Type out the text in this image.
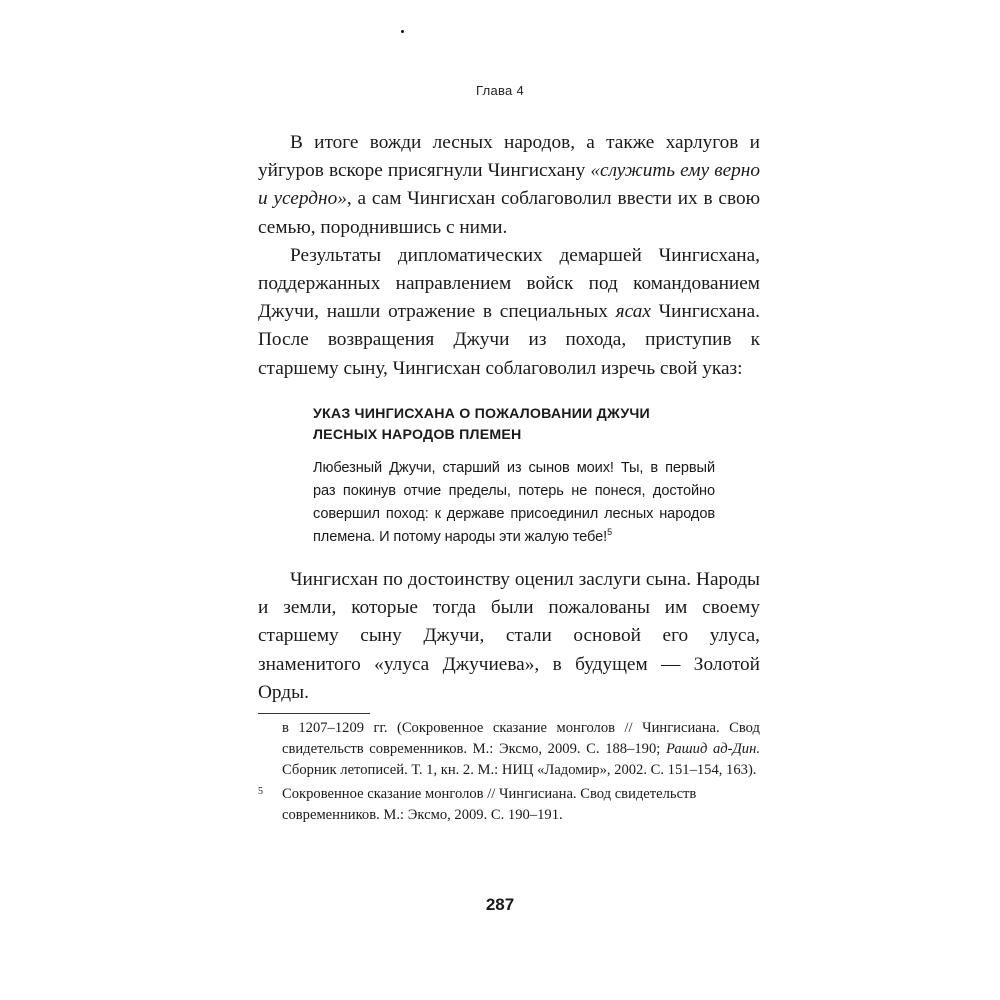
Глава 4

В итоге вожди лесных народов, а также харлугов и уйгуров вскоре присягнули Чингисхану «служить ему верно и усердно», а сам Чингисхан соблаговолил ввести их в свою семью, породнившись с ними.

Результаты дипломатических демаршей Чингисхана, поддержанных направлением войск под командованием Джучи, нашли отражение в специальных ясах Чингисхана. После возвращения Джучи из похода, приступив к старшему сыну, Чингисхан соблаговолил изречь свой указ:

УКАЗ ЧИНГИСХАНА О ПОЖАЛОВАНИИ ДЖУЧИ ЛЕСНЫХ НАРОДОВ ПЛЕМЕН
Любезный Джучи, старший из сынов моих! Ты, в первый раз покинув отчие пределы, потерь не понеся, достойно совершил поход: к державе присоединил лесных народов племена. И потому народы эти жалую тебе!$^5$

Чингисхан по достоинству оценил заслуги сына. Народы и земли, которые тогда были пожалованы им своему старшему сыну Джучи, стали основой его улуса, знаменитого «улуса Джучиева», в будущем — Золотой Орды.

в 1207–1209 гг. (Сокровенное сказание монголов // Чингисиана. Свод свидетельств современников. М.: Эксмо, 2009. С. 188–190; Рашид ад-Дин. Сборник летописей. Т. 1, кн. 2. М.: НИЦ «Ладомир», 2002. С. 151–154, 163).

5	Сокровенное сказание монголов // Чингисиана. Свод свидетельств современников. М.: Эксмо, 2009. С. 190–191.
287
